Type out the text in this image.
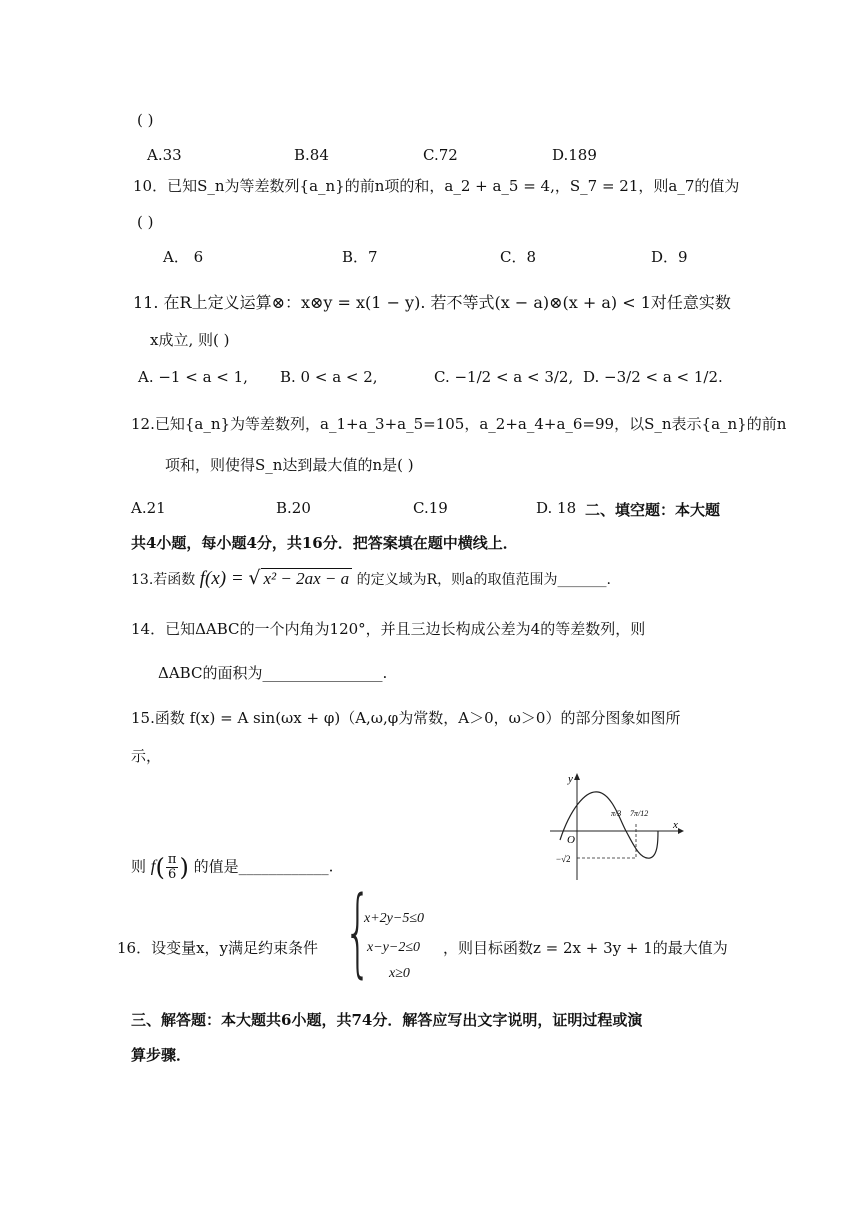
( )
A.33	B.84	C.72	D.189
10．已知S_n为等差数列{a_n}的前n项的和，a_2 + a_5 = 4,，S_7 = 21，则a_7的值为
( )
A． 6	B．7	C．8	D．9
11. 在R上定义运算⊗：x⊗y = x(1 − y). 若不等式(x − a)⊗(x + a) < 1对任意实数
x成立, 则( )
A. −1 < a < 1, B. 0 < a < 2,	C. −1/2 < a < 3/2, D. −3/2 < a < 1/2.
12.已知{a_n}为等差数列，a_1+a_3+a_5=105，a_2+a_4+a_6=99，以S_n表示{a_n}的前n
项和，则使得S_n达到最大值的n是( )
A.21	B.20	C.19	D. 18 二、填空题：本大题
共4小题，每小题4分，共16分．把答案填在题中横线上．
13.若函数 f(x) = √ x² − 2ax − a 的定义域为R，则a的取值范围为_______.
14．已知ΔABC的一个内角为120°，并且三边长构成公差为4的等差数列，则
ΔABC的面积为________________.
15.函数 f(x) = A sin(ωx + φ)（A,ω,φ为常数，A＞0，ω＞0）的部分图象如图所
示，
y
x
O
π/3 7π/12
−√2
则 $f( \frac{\pi}{6}$ ) 的值是____________.
16．设变量x，y满足约束条件 {
x+2y−5≤0
x−y−2≤0
x≥0
，则目标函数z = 2x + 3y + 1的最大值为
三、解答题：本大题共6小题，共74分．解答应写出文字说明，证明过程或演
算步骤．
